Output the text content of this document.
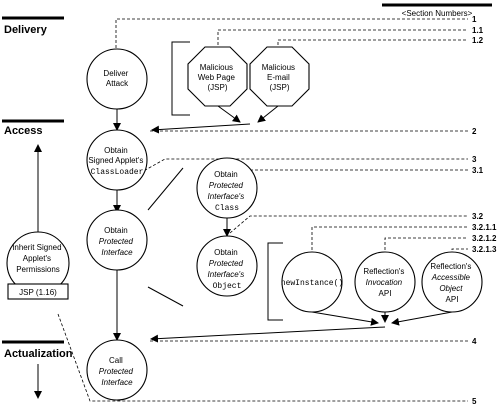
<Section Numbers>
Delivery
Access
Actualization
1
1.1
1.2
2
3
3.1
3.2
3.2.1.1
3.2.1.2
3.2.1.3
4
5
Deliver Attack
Malicious Web Page (JSP)
Malicious E-mail (JSP)
Obtain Signed Applet's ClassLoader
Obtain Protected Interface
Obtain Protected Interface's Class
Obtain Protected Interface's Object	newInstance()
Reflection's Invocation API
Reflection's Accessible Object API
Inherit Signed Applet's Permissions
JSP (1.16)
Call Protected Interface
